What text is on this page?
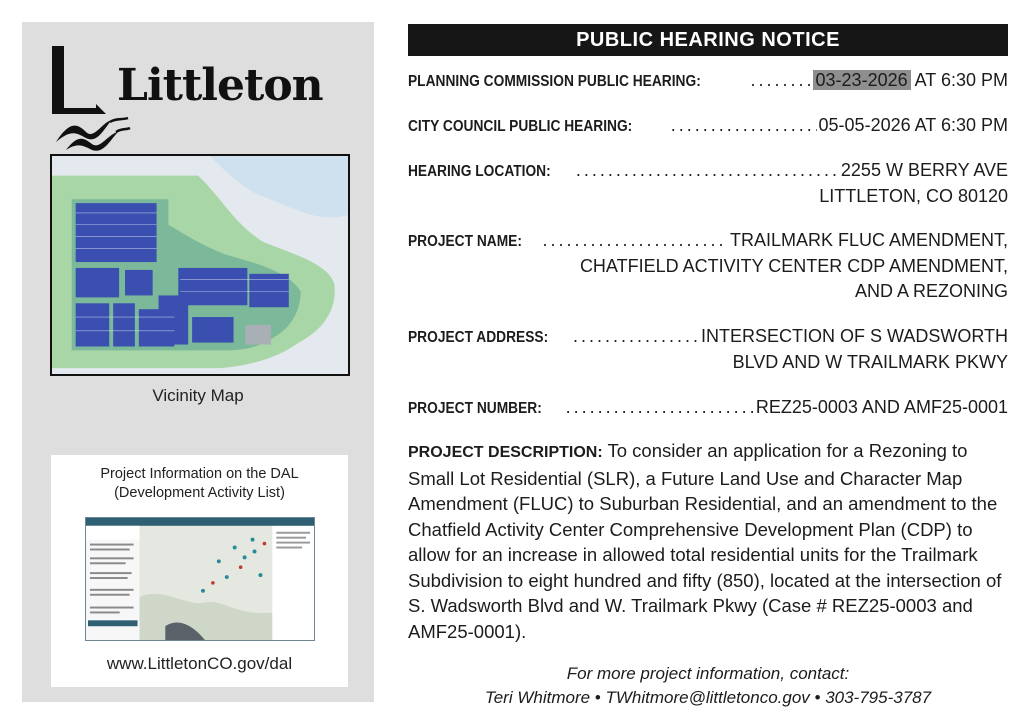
Littleton
Vicinity Map
Project Information on the DAL
(Development Activity List)
www.LittletonCO.gov/dal
PUBLIC HEARING NOTICE
PLANNING COMMISSION PUBLIC HEARING: .....	03-23-2026 AT 6:30 PM
CITY COUNCIL PUBLIC HEARING: .....	05-05-2026 AT 6:30 PM
HEARING LOCATION: .....	2255 W BERRY AVE
LITTLETON, CO 80120
PROJECT NAME: .....	TRAILMARK FLUC AMENDMENT,
CHATFIELD ACTIVITY CENTER CDP AMENDMENT,
AND A REZONING
PROJECT ADDRESS: .....	INTERSECTION OF S WADSWORTH
BLVD AND W TRAILMARK PKWY
PROJECT NUMBER: .....	REZ25-0003 AND AMF25-0001
PROJECT DESCRIPTION: To consider an application for a Rezoning to Small Lot Residential (SLR), a Future Land Use and Character Map Amendment (FLUC) to Suburban Residential, and an amendment to the Chatfield Activity Center Comprehensive Development Plan (CDP) to allow for an increase in allowed total residential units for the Trailmark Subdivision to eight hundred and fifty (850), located at the intersection of S. Wadsworth Blvd and W. Trailmark Pkwy (Case # REZ25-0003 and AMF25-0001).
For more project information, contact:
Teri Whitmore • TWhitmore@littletonco.gov • 303-795-3787
